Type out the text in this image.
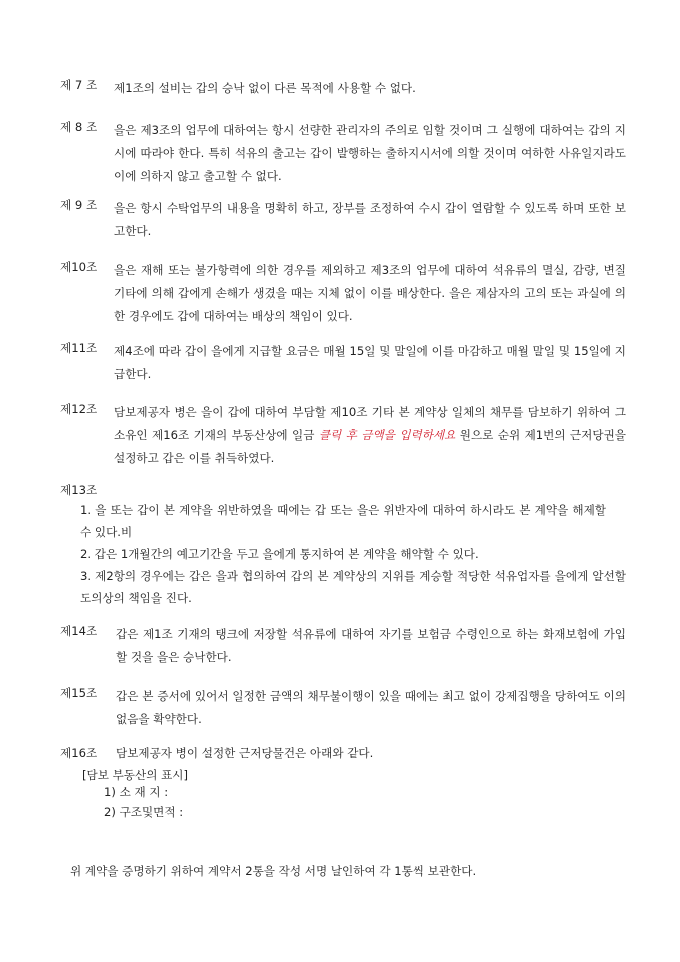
제 7 조 제1조의 설비는 갑의 승낙 없이 다른 목적에 사용할 수 없다.
제 8 조 을은 제3조의 업무에 대하여는 항시 선량한 관리자의 주의로 임할 것이며 그 실행에 대하여는 갑의 지시에 따라야 한다. 특히 석유의 출고는 갑이 발행하는 출하지시서에 의할 것이며 여하한 사유일지라도 이에 의하지 않고 출고할 수 없다.
제 9 조 을은 항시 수탁업무의 내용을 명확히 하고, 장부를 조정하여 수시 갑이 열람할 수 있도록 하며 또한 보고한다.
제10조 을은 재해 또는 불가항력에 의한 경우를 제외하고 제3조의 업무에 대하여 석유류의 멸실, 감량, 변질 기타에 의해 갑에게 손해가 생겼을 때는 지체 없이 이를 배상한다. 을은 제삼자의 고의 또는 과실에 의한 경우에도 갑에 대하여는 배상의 책임이 있다.
제11조 제4조에 따라 갑이 을에게 지급할 요금은 매월 15일 및 말일에 이를 마감하고 매월 말일 및 15일에 지급한다.
제12조 담보제공자 병은 을이 갑에 대하여 부담할 제10조 기타 본 계약상 일체의 채무를 담보하기 위하여 그 소유인 제16조 기재의 부동산상에 일금 클릭 후 금액을 입력하세요 원으로 순위 제1번의 근저당권을 설정하고 갑은 이를 취득하였다.
제13조
1. 을 또는 갑이 본 계약을 위반하였을 때에는 갑 또는 을은 위반자에 대하여 하시라도 본 계약을 해제할 수 있다.비
2. 갑은 1개월간의 예고기간을 두고 을에게 통지하여 본 계약을 해약할 수 있다.
3. 제2항의 경우에는 갑은 을과 협의하여 갑의 본 계약상의 지위를 계승할 적당한 석유업자를 을에게 알선할 도의상의 책임을 진다.
제14조 갑은 제1조 기재의 탱크에 저장할 석유류에 대하여 자기를 보험금 수령인으로 하는 화재보험에 가입할 것을 을은 승낙한다.
제15조 갑은 본 증서에 있어서 일정한 금액의 채무불이행이 있을 때에는 최고 없이 강제집행을 당하여도 이의 없음을 확약한다.
제16조 담보제공자 병이 설정한 근저당물건은 아래와 같다.
[담보 부동산의 표시]
1) 소 재 지 :
2) 구조및면적 :
위 계약을 증명하기 위하여 계약서 2통을 작성 서명 날인하여 각 1통씩 보관한다.
